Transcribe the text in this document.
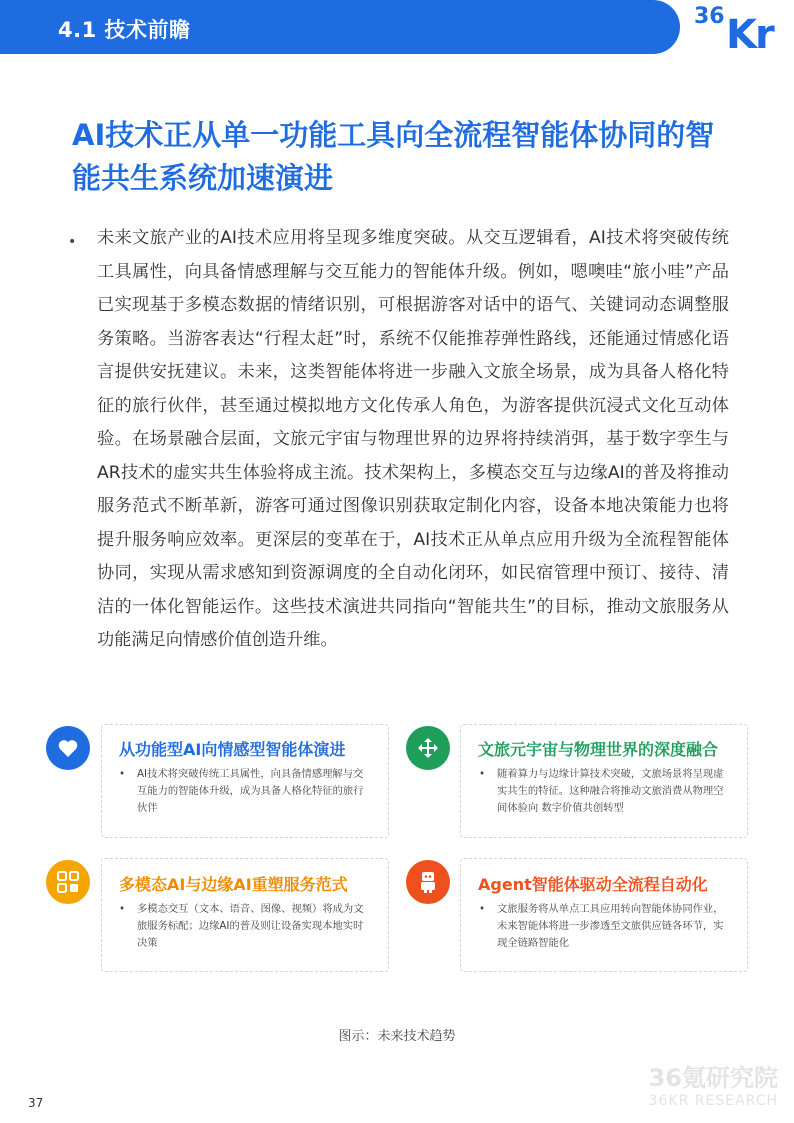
4.1 技术前瞻
36 Kr
AI技术正从单一功能工具向全流程智能体协同的智能共生系统加速演进
• 未来文旅产业的AI技术应用将呈现多维度突破。从交互逻辑看，AI技术将突破传统工具属性，向具备情感理解与交互能力的智能体升级。例如，嗯噢哇“旅小哇”产品已实现基于多模态数据的情绪识别，可根据游客对话中的语气、关键词动态调整服务策略。当游客表达“行程太赶”时，系统不仅能推荐弹性路线，还能通过情感化语言提供安抚建议。未来，这类智能体将进一步融入文旅全场景，成为具备人格化特征的旅行伙伴，甚至通过模拟地方文化传承人角色，为游客提供沉浸式文化互动体验。在场景融合层面，文旅元宇宙与物理世界的边界将持续消弭，基于数字孪生与AR技术的虚实共生体验将成主流。技术架构上，多模态交互与边缘AI的普及将推动服务范式不断革新，游客可通过图像识别获取定制化内容，设备本地决策能力也将提升服务响应效率。更深层的变革在于，AI技术正从单点应用升级为全流程智能体协同，实现从需求感知到资源调度的全自动化闭环，如民宿管理中预订、接待、清洁的一体化智能运作。这些技术演进共同指向“智能共生”的目标，推动文旅服务从功能满足向情感价值创造升维。
从功能型AI向情感型智能体演进
• AI技术将突破传统工具属性，向具备情感理解与交互能力的智能体升级，成为具备人格化特征的旅行伙伴
文旅元宇宙与物理世界的深度融合
• 随着算力与边缘计算技术突破，文旅场景将呈现虚实共生的特征。这种融合将推动文旅消费从物理空间体验向 数字价值共创转型
多模态AI与边缘AI重塑服务范式
• 多模态交互（文本、语音、图像、视频）将成为文旅服务标配；边缘AI的普及则让设备实现本地实时决策
Agent智能体驱动全流程自动化
• 文旅服务将从单点工具应用转向智能体协同作业，未来智能体将进一步渗透至文旅供应链各环节，实现全链路智能化
图示：未来技术趋势
36氪研究院
36KR RESEARCH
37
